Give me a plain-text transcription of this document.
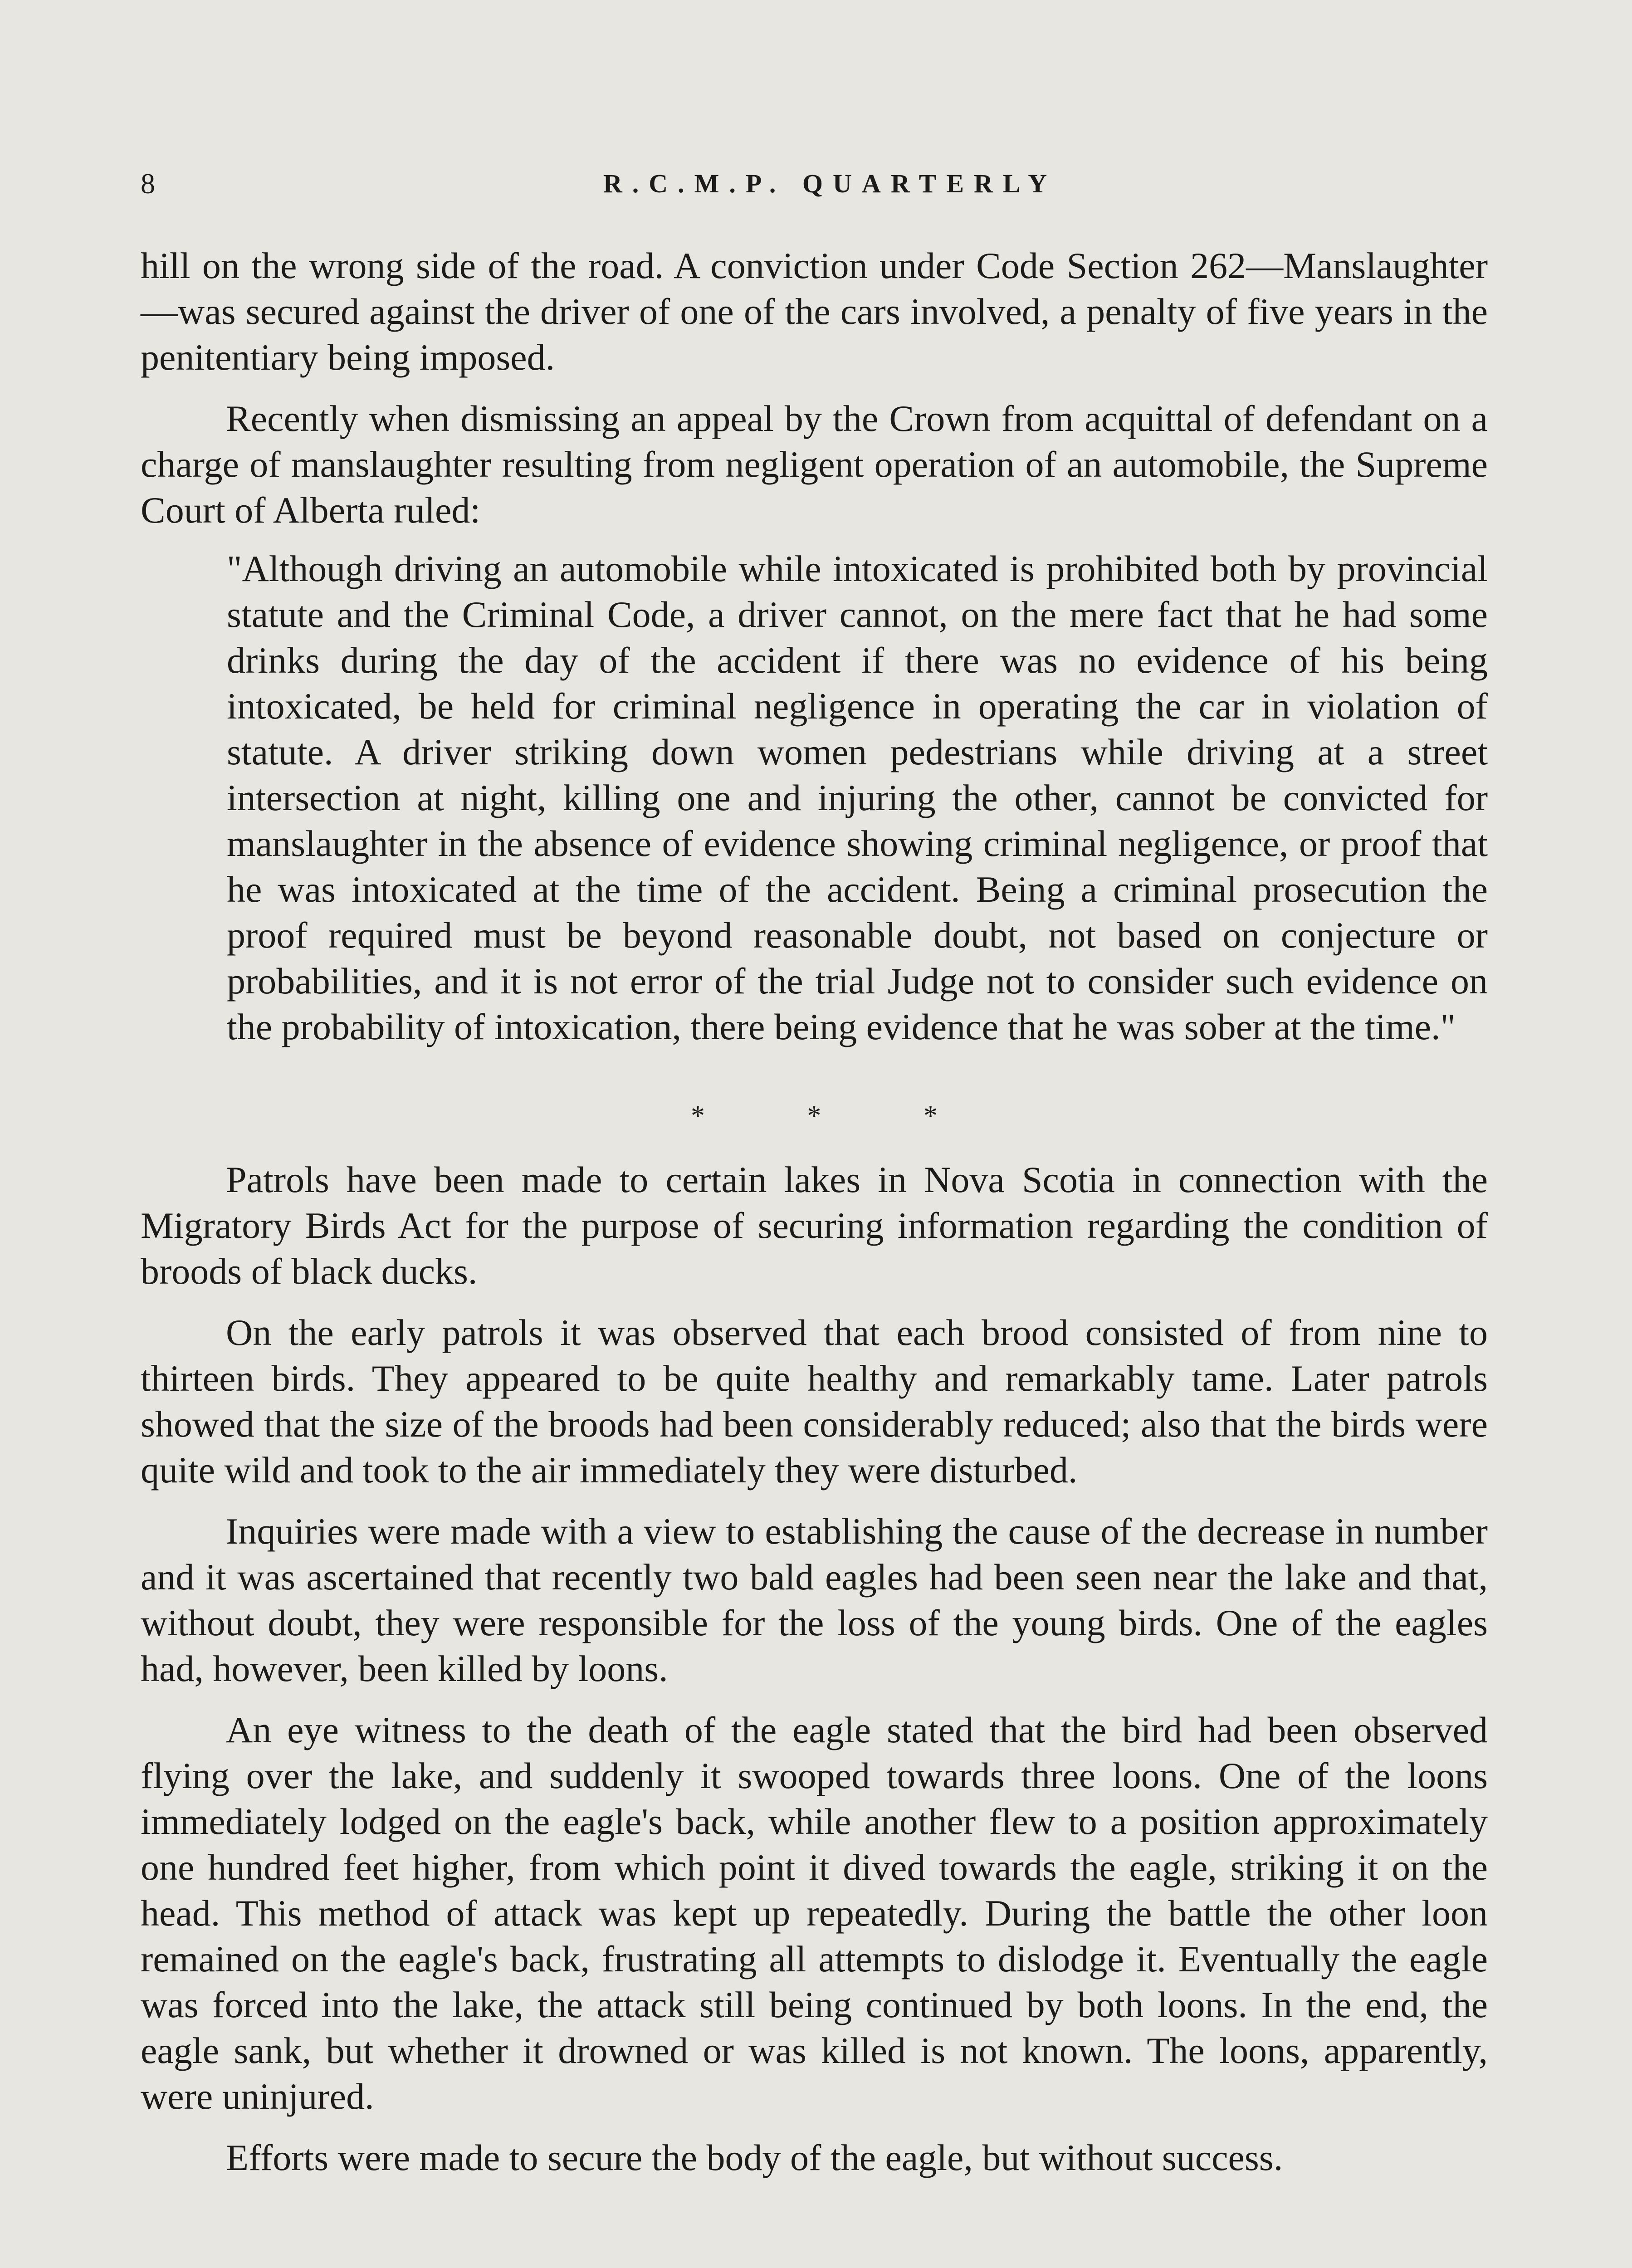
8	R.C.M.P. QUARTERLY

hill on the wrong side of the road. A conviction under Code Section 262—Manslaughter—was secured against the driver of one of the cars involved, a penalty of five years in the penitentiary being imposed.

Recently when dismissing an appeal by the Crown from acquittal of defendant on a charge of manslaughter resulting from negligent operation of an automobile, the Supreme Court of Alberta ruled:

"Although driving an automobile while intoxicated is prohibited both by provincial statute and the Criminal Code, a driver cannot, on the mere fact that he had some drinks during the day of the accident if there was no evidence of his being intoxicated, be held for criminal negligence in operating the car in violation of statute. A driver striking down women pedestrians while driving at a street intersection at night, killing one and injuring the other, cannot be convicted for manslaughter in the absence of evidence showing criminal negligence, or proof that he was intoxicated at the time of the accident. Being a criminal prosecution the proof required must be beyond reasonable doubt, not based on conjecture or probabilities, and it is not error of the trial Judge not to consider such evidence on the probability of intoxication, there being evidence that he was sober at the time."

*	*	*

Patrols have been made to certain lakes in Nova Scotia in connection with the Migratory Birds Act for the purpose of securing information regarding the condition of broods of black ducks.

On the early patrols it was observed that each brood consisted of from nine to thirteen birds. They appeared to be quite healthy and remarkably tame. Later patrols showed that the size of the broods had been considerably reduced; also that the birds were quite wild and took to the air immediately they were disturbed.

Inquiries were made with a view to establishing the cause of the decrease in number and it was ascertained that recently two bald eagles had been seen near the lake and that, without doubt, they were responsible for the loss of the young birds. One of the eagles had, however, been killed by loons.

An eye witness to the death of the eagle stated that the bird had been observed flying over the lake, and suddenly it swooped towards three loons. One of the loons immediately lodged on the eagle's back, while another flew to a position approximately one hundred feet higher, from which point it dived towards the eagle, striking it on the head. This method of attack was kept up repeatedly. During the battle the other loon remained on the eagle's back, frustrating all attempts to dislodge it. Eventually the eagle was forced into the lake, the attack still being continued by both loons. In the end, the eagle sank, but whether it drowned or was killed is not known. The loons, apparently, were uninjured.

Efforts were made to secure the body of the eagle, but without success.
